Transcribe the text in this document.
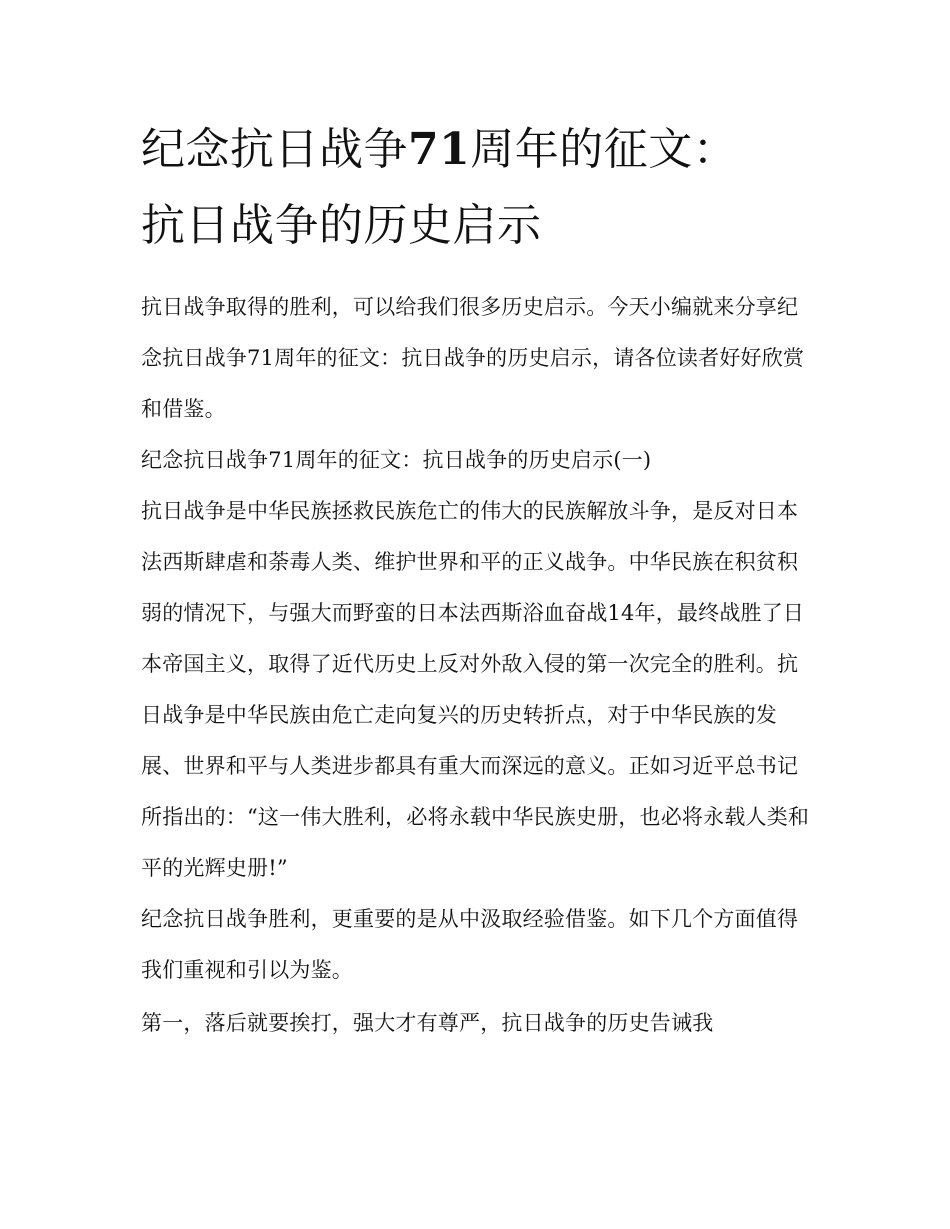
纪念抗日战争71周年的征文：
抗日战争的历史启示

抗日战争取得的胜利，可以给我们很多历史启示。今天小编就来分享纪念抗日战争71周年的征文：抗日战争的历史启示，请各位读者好好欣赏和借鉴。

纪念抗日战争71周年的征文：抗日战争的历史启示(一)

抗日战争是中华民族拯救民族危亡的伟大的民族解放斗争，是反对日本法西斯肆虐和荼毒人类、维护世界和平的正义战争。中华民族在积贫积弱的情况下，与强大而野蛮的日本法西斯浴血奋战14年，最终战胜了日本帝国主义，取得了近代历史上反对外敌入侵的第一次完全的胜利。抗日战争是中华民族由危亡走向复兴的历史转折点，对于中华民族的发展、世界和平与人类进步都具有重大而深远的意义。正如习近平总书记所指出的：“这一伟大胜利，必将永载中华民族史册，也必将永载人类和平的光辉史册!”

纪念抗日战争胜利，更重要的是从中汲取经验借鉴。如下几个方面值得我们重视和引以为鉴。

第一，落后就要挨打，强大才有尊严，抗日战争的历史告诫我
